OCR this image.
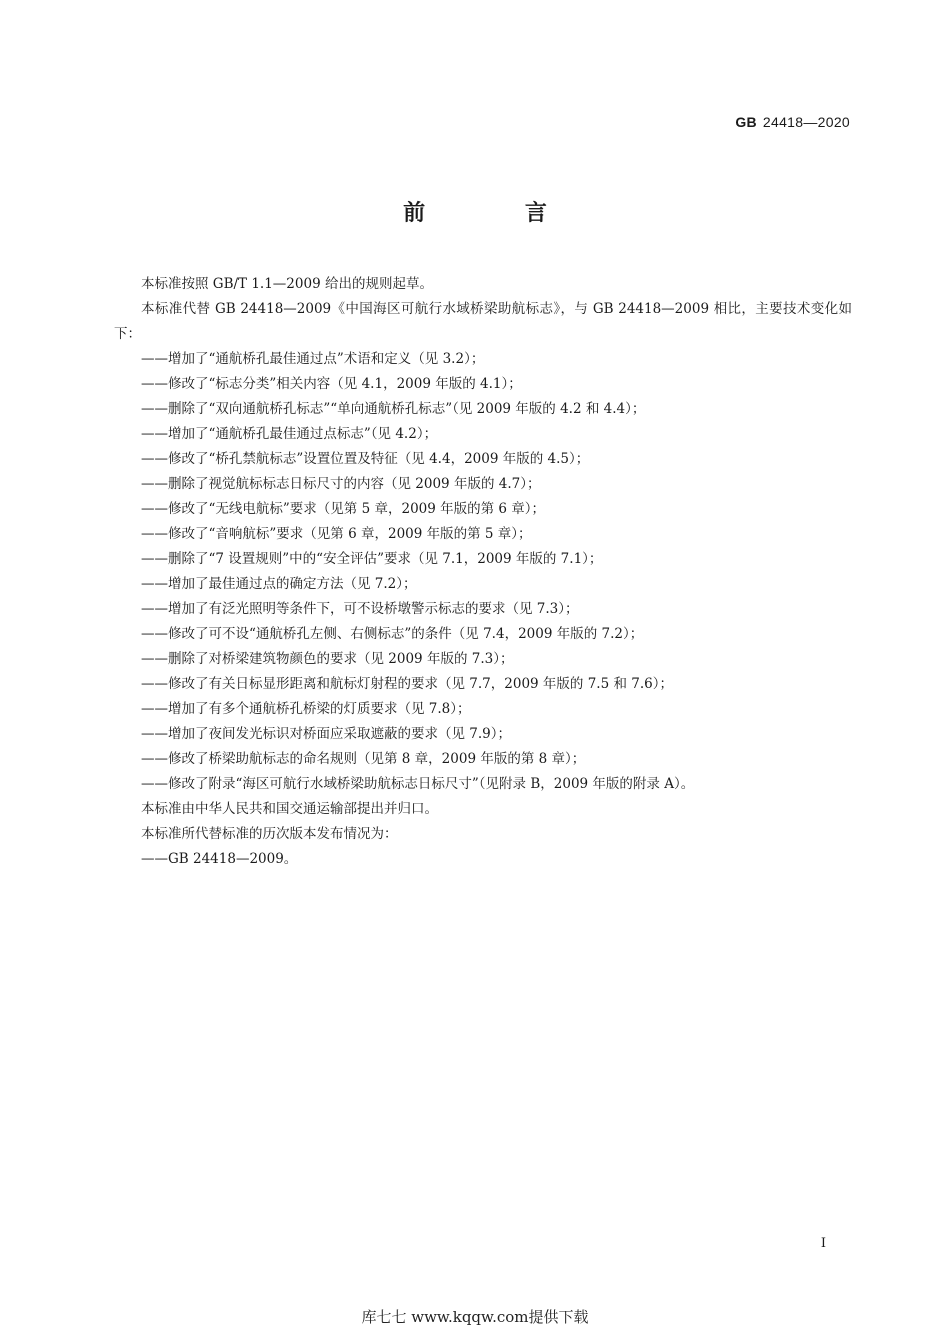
GB 24418—2020
前 言

本标准按照 GB/T 1.1—2009 给出的规则起草。

本标准代替 GB 24418—2009《中国海区可航行水域桥梁助航标志》，与 GB 24418—2009 相比，主要技术变化如下：

——增加了“通航桥孔最佳通过点”术语和定义（见 3.2）；
——修改了“标志分类”相关内容（见 4.1，2009 年版的 4.1）；
——删除了“双向通航桥孔标志”“单向通航桥孔标志”（见 2009 年版的 4.2 和 4.4）；
——增加了“通航桥孔最佳通过点标志”（见 4.2）；
——修改了“桥孔禁航标志”设置位置及特征（见 4.4，2009 年版的 4.5）；
——删除了视觉航标标志日标尺寸的内容（见 2009 年版的 4.7）；
——修改了“无线电航标”要求（见第 5 章，2009 年版的第 6 章）；
——修改了“音响航标”要求（见第 6 章，2009 年版的第 5 章）；
——删除了“7 设置规则”中的“安全评估”要求（见 7.1，2009 年版的 7.1）；
——增加了最佳通过点的确定方法（见 7.2）；
——增加了有泛光照明等条件下，可不设桥墩警示标志的要求（见 7.3）；
——修改了可不设“通航桥孔左侧、右侧标志”的条件（见 7.4，2009 年版的 7.2）；
——删除了对桥梁建筑物颜色的要求（见 2009 年版的 7.3）；
——修改了有关日标显形距离和航标灯射程的要求（见 7.7，2009 年版的 7.5 和 7.6）；
——增加了有多个通航桥孔桥梁的灯质要求（见 7.8）；
——增加了夜间发光标识对桥面应采取遮蔽的要求（见 7.9）；
——修改了桥梁助航标志的命名规则（见第 8 章，2009 年版的第 8 章）；
——修改了附录“海区可航行水域桥梁助航标志日标尺寸”（见附录 B，2009 年版的附录 A）。

本标准由中华人民共和国交通运输部提出并归口。

本标准所代替标准的历次版本发布情况为：

——GB 24418—2009。
I
库七七 www.kqqw.com提供下载
